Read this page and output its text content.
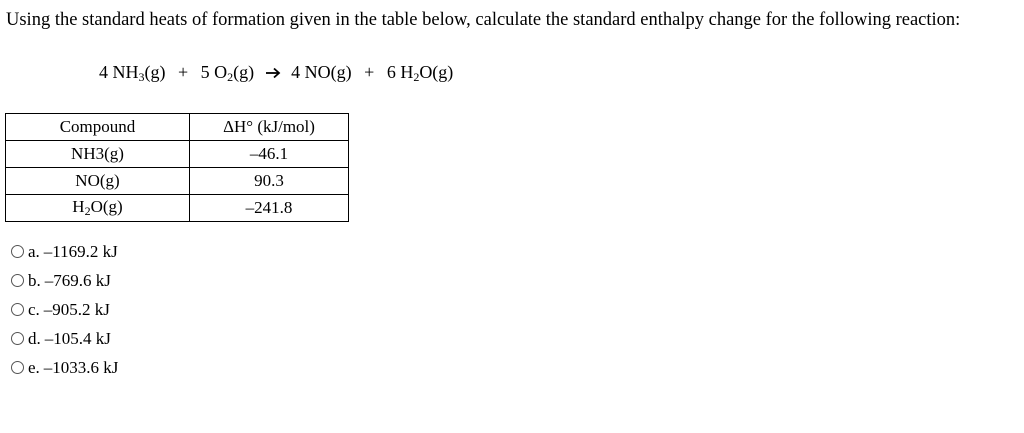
Using the standard heats of formation given in the table below, calculate the standard enthalpy change for the following reaction:
4 $NH_3(g) + 5$ $O_2(g)$ 4 NO(g) + 6 $H_2O(g)$
Compound	ΔH° (kJ/mol)
NH3(g)	–46.1
NO(g)	90.3
H2O(g)	–241.8
a. –1169.2 kJ
b. –769.6 kJ
c. –905.2 kJ
d. –105.4 kJ
e. –1033.6 kJ
